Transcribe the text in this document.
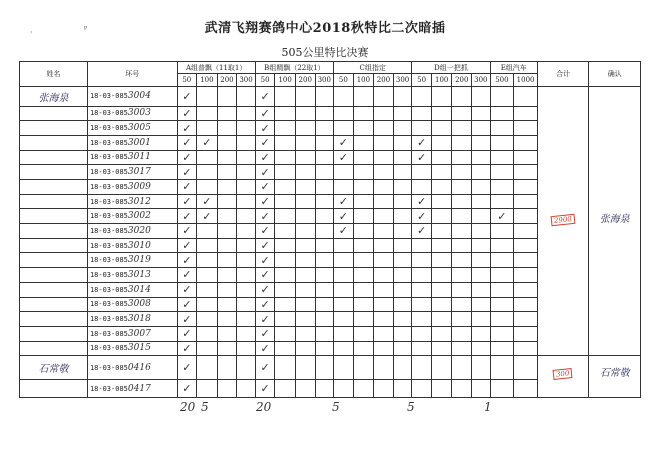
·	ᵖ	武清飞翔赛鸽中心2018秋特比二次暗插
505公里特比决赛
姓名	环号	A组普飘（11取1）				B组精飘（22取1）				C组指定				D组一把抓				E组汽车		合计	确认
		50	100	200	300	50	100	200	300	50	100	200	300	50	100	200	300	500	1000		
张海泉	18-03-0853004	✓				✓														2900	张海泉
	18-03-0853003	✓				✓															
	18-03-0853005	✓				✓															
	18-03-0853001	✓	✓			✓				✓				✓							
	18-03-0853011	✓				✓				✓				✓							
	18-03-0853017	✓				✓															
	18-03-0853009	✓				✓															
	18-03-0853012	✓	✓			✓				✓				✓							
	18-03-0853002	✓	✓			✓				✓				✓				✓			
	18-03-0853020	✓				✓				✓				✓							
	18-03-0853010	✓				✓															
	18-03-0853019	✓				✓															
	18-03-0853013	✓				✓															
	18-03-0853014	✓				✓															
	18-03-0853008	✓				✓															
	18-03-0853018	✓				✓															
	18-03-0853007	✓				✓															
	18-03-0853015	✓				✓															
石常敬	18-03-0850416	✓				✓														300	石常敬
	18-03-0850417	✓				✓															
20 5	20	5	5	1
